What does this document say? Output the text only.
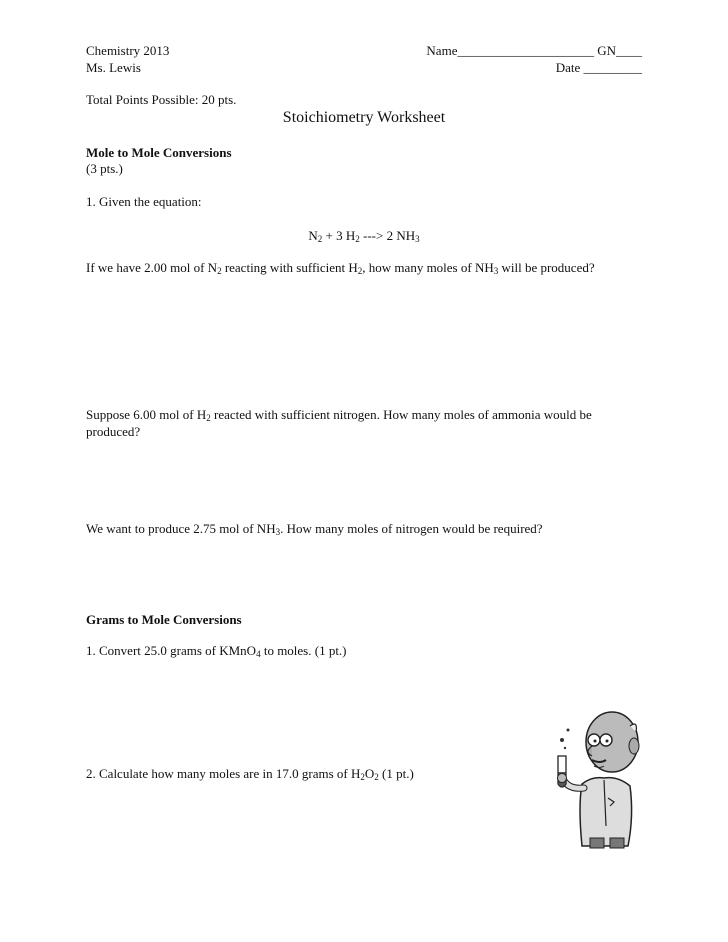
Chemistry 2013
Ms. Lewis
Name_____________________ GN____
Date _________
Total Points Possible: 20 pts.
Stoichiometry Worksheet
Mole to Mole Conversions
(3 pts.)
1. Given the equation:
$N_2 + 3$ $H_2$ ---> 2 $NH_3$
If we have 2.00 mol of $N_2$ reacting with sufficient $H_2$, how many moles of $NH_3$ will be produced?
Suppose 6.00 mol of $H_2$ reacted with sufficient nitrogen. How many moles of ammonia would be produced?
We want to produce 2.75 mol of $NH_3$. How many moles of nitrogen would be required?
Grams to Mole Conversions
1. Convert 25.0 grams of KMnO$_4$ to moles. (1 pt.)
2. Calculate how many moles are in 17.0 grams of $H_2O_2$ (1 pt.)
